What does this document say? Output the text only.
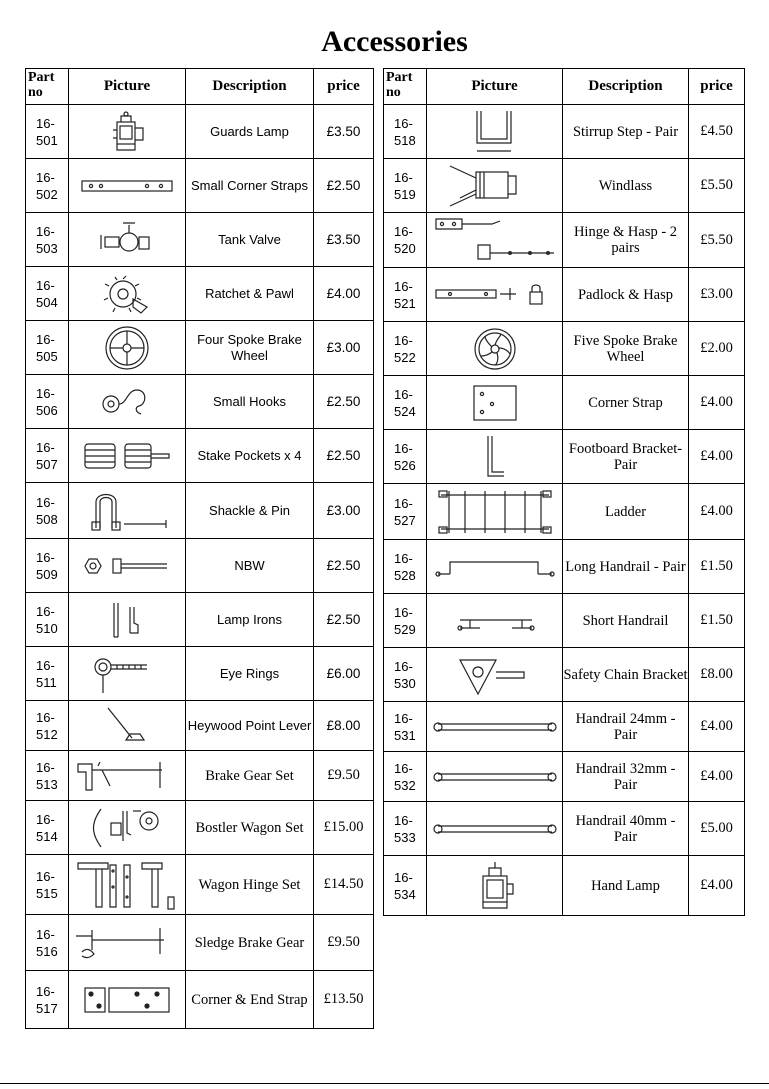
Accessories
Part
no	Picture	Description	price
16-
501		Guards Lamp	£3.50
16-
502		Small Corner Straps	£2.50
16-
503		Tank Valve	£3.50
16-
504		Ratchet & Pawl	£4.00
16-
505		Four Spoke Brake Wheel	£3.00
16-
506		Small Hooks	£2.50
16-
507		Stake Pockets x 4	£2.50
16-
508		Shackle & Pin	£3.00
16-
509		NBW	£2.50
16-
510		Lamp Irons	£2.50
16-
511		Eye Rings	£6.00
16-
512		Heywood Point Lever	£8.00
16-
513		Brake Gear Set	£9.50
16-
514		Bostler Wagon Set	£15.00
16-
515		Wagon Hinge Set	£14.50
16-
516		Sledge Brake Gear	£9.50
16-
517		Corner & End Strap	£13.50
Part
no	Picture	Description	price
16-
518		Stirrup Step - Pair	£4.50
16-
519		Windlass	£5.50
16-
520		Hinge & Hasp - 2 pairs	£5.50
16-
521		Padlock & Hasp	£3.00
16-
522		Five Spoke Brake Wheel	£2.00
16-
524		Corner Strap	£4.00
16-
526		Footboard Bracket- Pair	£4.00
16-
527		Ladder	£4.00
16-
528		Long Handrail - Pair	£1.50
16-
529		Short Handrail	£1.50
16-
530		Safety Chain Bracket	£8.00
16-
531		Handrail 24mm - Pair	£4.00
16-
532		Handrail 32mm - Pair	£4.00
16-
533		Handrail 40mm - Pair	£5.00
16-
534		Hand Lamp	£4.00
